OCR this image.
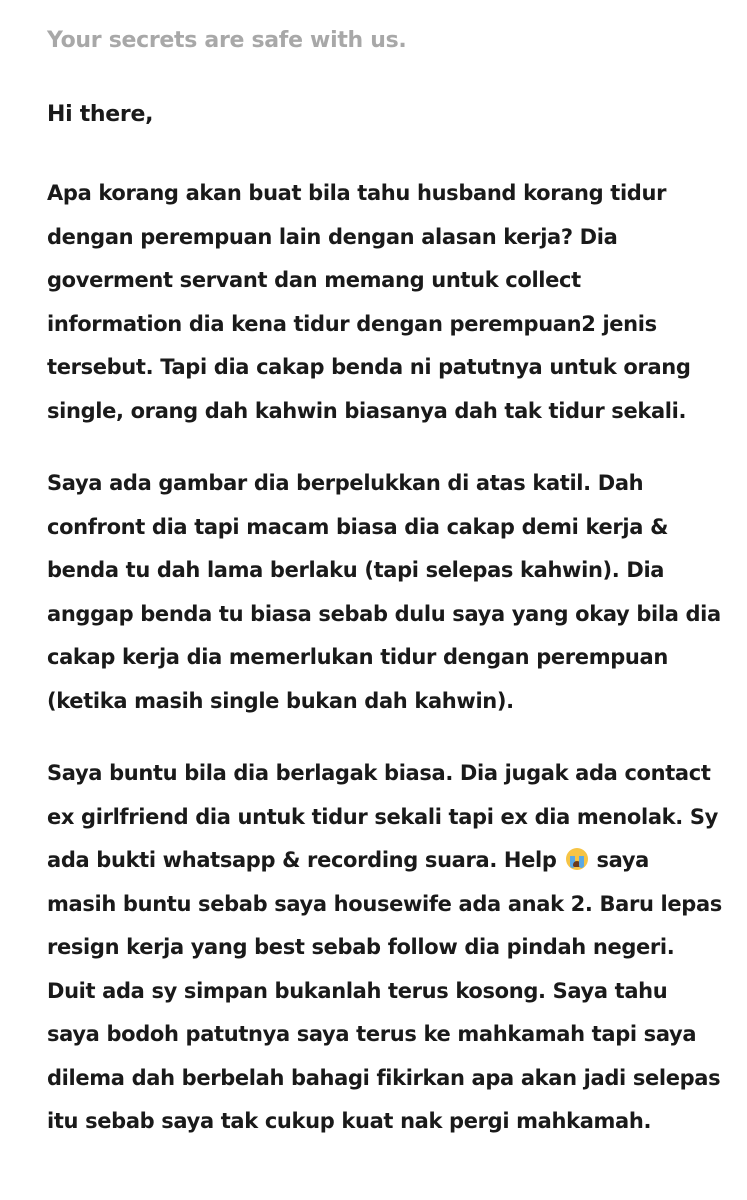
Your secrets are safe with us.
Hi there,
Apa korang akan buat bila tahu husband korang tidur
dengan perempuan lain dengan alasan kerja? Dia
goverment servant dan memang untuk collect
information dia kena tidur dengan perempuan2 jenis
tersebut. Tapi dia cakap benda ni patutnya untuk orang
single, orang dah kahwin biasanya dah tak tidur sekali.
Saya ada gambar dia berpelukkan di atas katil. Dah
confront dia tapi macam biasa dia cakap demi kerja &
benda tu dah lama berlaku (tapi selepas kahwin). Dia
anggap benda tu biasa sebab dulu saya yang okay bila dia
cakap kerja dia memerlukan tidur dengan perempuan
(ketika masih single bukan dah kahwin).
Saya buntu bila dia berlagak biasa. Dia jugak ada contact
ex girlfriend dia untuk tidur sekali tapi ex dia menolak. Sy
ada bukti whatsapp & recording suara. Help saya
masih buntu sebab saya housewife ada anak 2. Baru lepas
resign kerja yang best sebab follow dia pindah negeri.
Duit ada sy simpan bukanlah terus kosong. Saya tahu
saya bodoh patutnya saya terus ke mahkamah tapi saya
dilema dah berbelah bahagi fikirkan apa akan jadi selepas
itu sebab saya tak cukup kuat nak pergi mahkamah.
